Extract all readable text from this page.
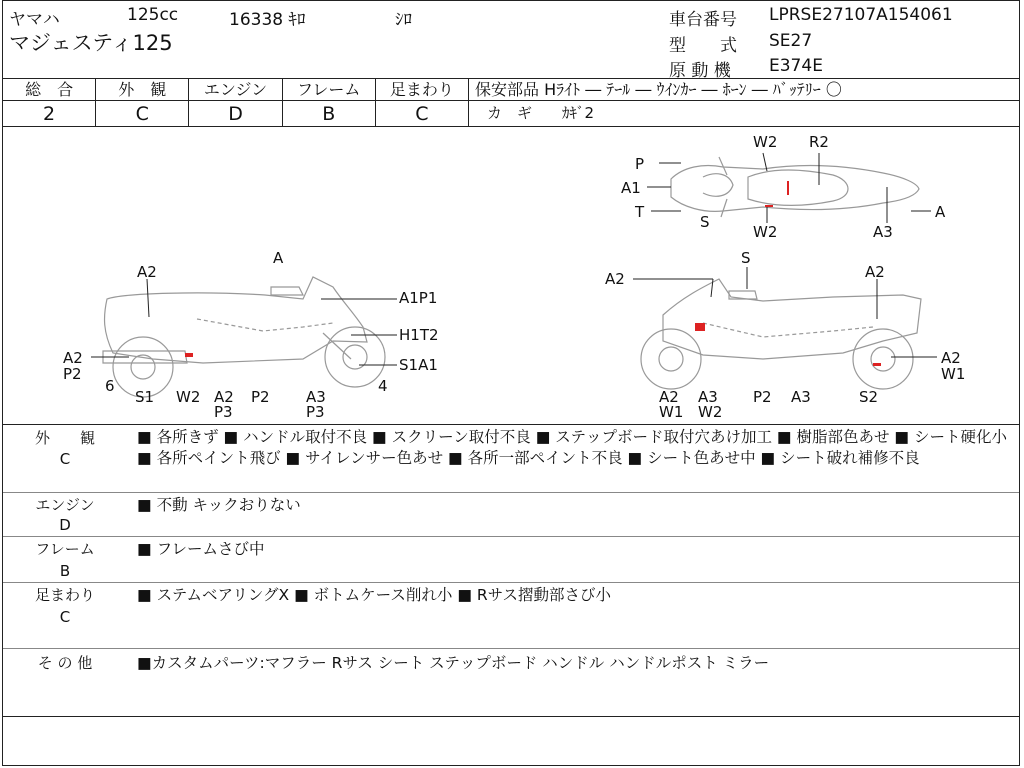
ヤマハ	125cc	16338 ｷﾛ	ｼﾛ
マジェスティ125
車台番号 LPRSE27107A154061
型　　式 SE27
原 動 機 E374E
総　合
2
外　観
C
エンジン
D
フレーム
B
足まわり
C
保安部品 Hﾗｲﾄ ― ﾃｰﾙ ― ｳｲﾝｶｰ ― ﾎｰﾝ ― ﾊﾞｯﾃﾘｰ 〇
カ　ギ　　ｶｷﾞ2
P
A1
T
S
W2 R2
W2	A3
A
A
A2
A1P1
H1T2
S1A1
A2
P2
6
S1 W2 A2
P3
P2 A3
P3
4
A2
S
A2
A2
W1
A2
W1
A3
W2
P2 A3	S2
外　　観
C
■ 各所きず ■ ハンドル取付不良 ■ スクリーン取付不良 ■ ステップボード取付穴あけ加工 ■ 樹脂部色あせ ■ シート硬化小 ■ 各所ペイント飛び ■ サイレンサー色あせ ■ 各所一部ペイント不良 ■ シート色あせ中 ■ シート破れ補修不良
エンジン
D
■ 不動 キックおりない
フレーム
B
■ フレームさび中
足まわり
C
■ ステムベアリングX ■ ボトムケース削れ小 ■ Rサス摺動部さび小
そ の 他	■カスタムパーツ:マフラー Rサス シート ステップボード ハンドル ハンドルポスト ミラー
